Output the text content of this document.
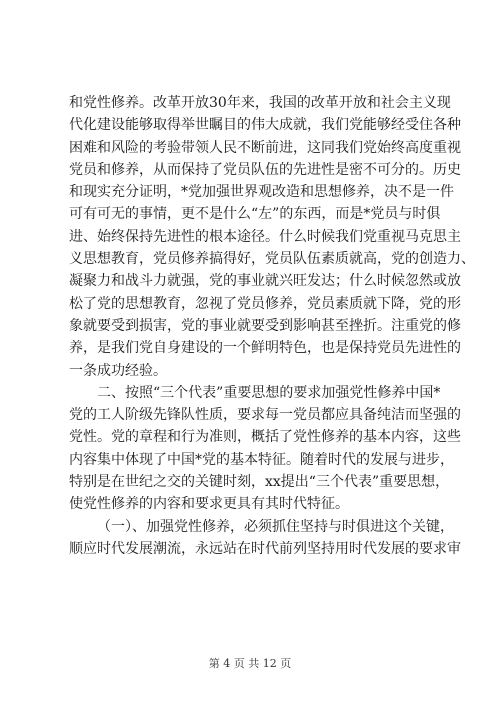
和党性修养。改革开放30年来，我国的改革开放和社会主义现
代化建设能够取得举世瞩目的伟大成就，我们党能够经受住各种
困难和风险的考验带领人民不断前进，这同我们党始终高度重视
党员和修养，从而保持了党员队伍的先进性是密不可分的。历史
和现实充分证明，*党加强世界观改造和思想修养，决不是一件
可有可无的事情，更不是什么“左”的东西，而是*党员与时俱
进、始终保持先进性的根本途径。什么时候我们党重视马克思主
义思想教育，党员修养搞得好，党员队伍素质就高，党的创造力、
凝聚力和战斗力就强，党的事业就兴旺发达；什么时候忽然或放
松了党的思想教育，忽视了党员修养，党员素质就下降，党的形
象就要受到损害，党的事业就要受到影响甚至挫折。注重党的修
养，是我们党自身建设的一个鲜明特色，也是保持党员先进性的
一条成功经验。
二、按照“三个代表”重要思想的要求加强党性修养中国*
党的工人阶级先锋队性质，要求每一党员都应具备纯洁而坚强的
党性。党的章程和行为准则，概括了党性修养的基本内容，这些
内容集中体现了中国*党的基本特征。随着时代的发展与进步，
特别是在世纪之交的关键时刻，xx提出“三个代表”重要思想，
使党性修养的内容和要求更具有其时代特征。
（一）、加强党性修养，必须抓住坚持与时俱进这个关键，
顺应时代发展潮流，永远站在时代前列坚持用时代发展的要求审
第 4 页 共 12 页
